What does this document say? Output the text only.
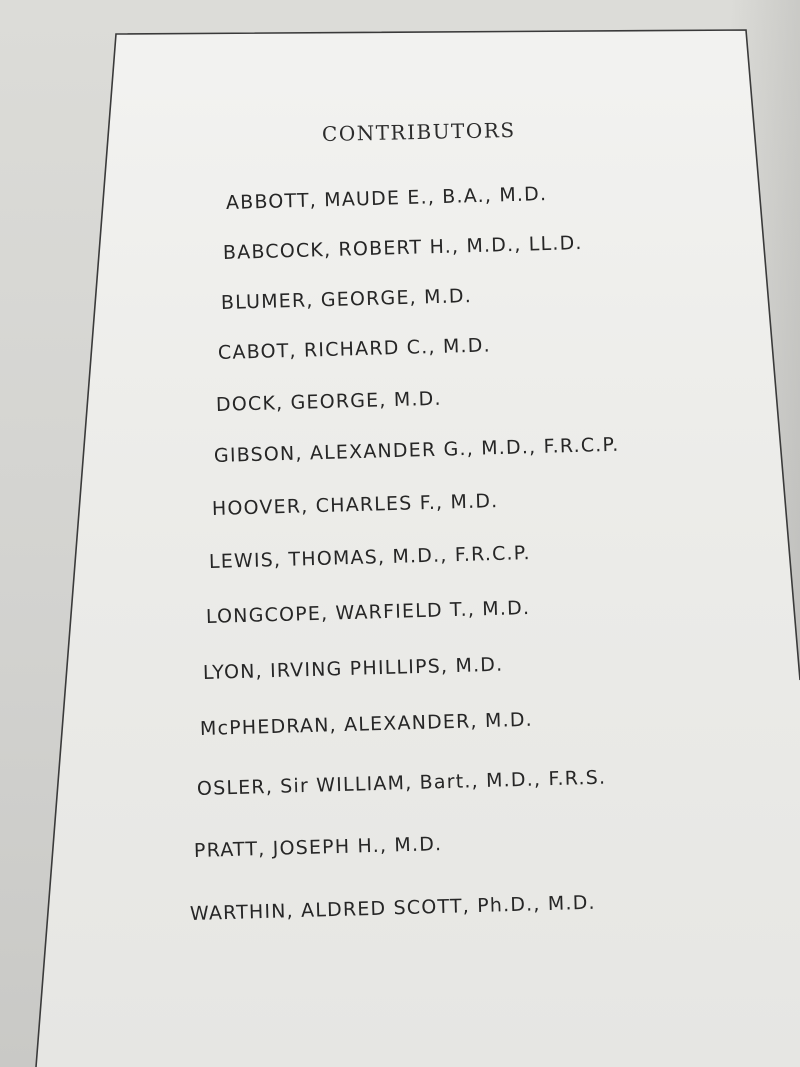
CONTRIBUTORS
ABBOTT, MAUDE E., B.A., M.D.
BABCOCK, ROBERT H., M.D., LL.D.
BLUMER, GEORGE, M.D.
CABOT, RICHARD C., M.D.
DOCK, GEORGE, M.D.
GIBSON, ALEXANDER G., M.D., F.R.C.P.
HOOVER, CHARLES F., M.D.
LEWIS, THOMAS, M.D., F.R.C.P.
LONGCOPE, WARFIELD T., M.D.
LYON, IRVING PHILLIPS, M.D.
McPHEDRAN, ALEXANDER, M.D.
OSLER, Sir WILLIAM, Bart., M.D., F.R.S.
PRATT, JOSEPH H., M.D.
WARTHIN, ALDRED SCOTT, Ph.D., M.D.
